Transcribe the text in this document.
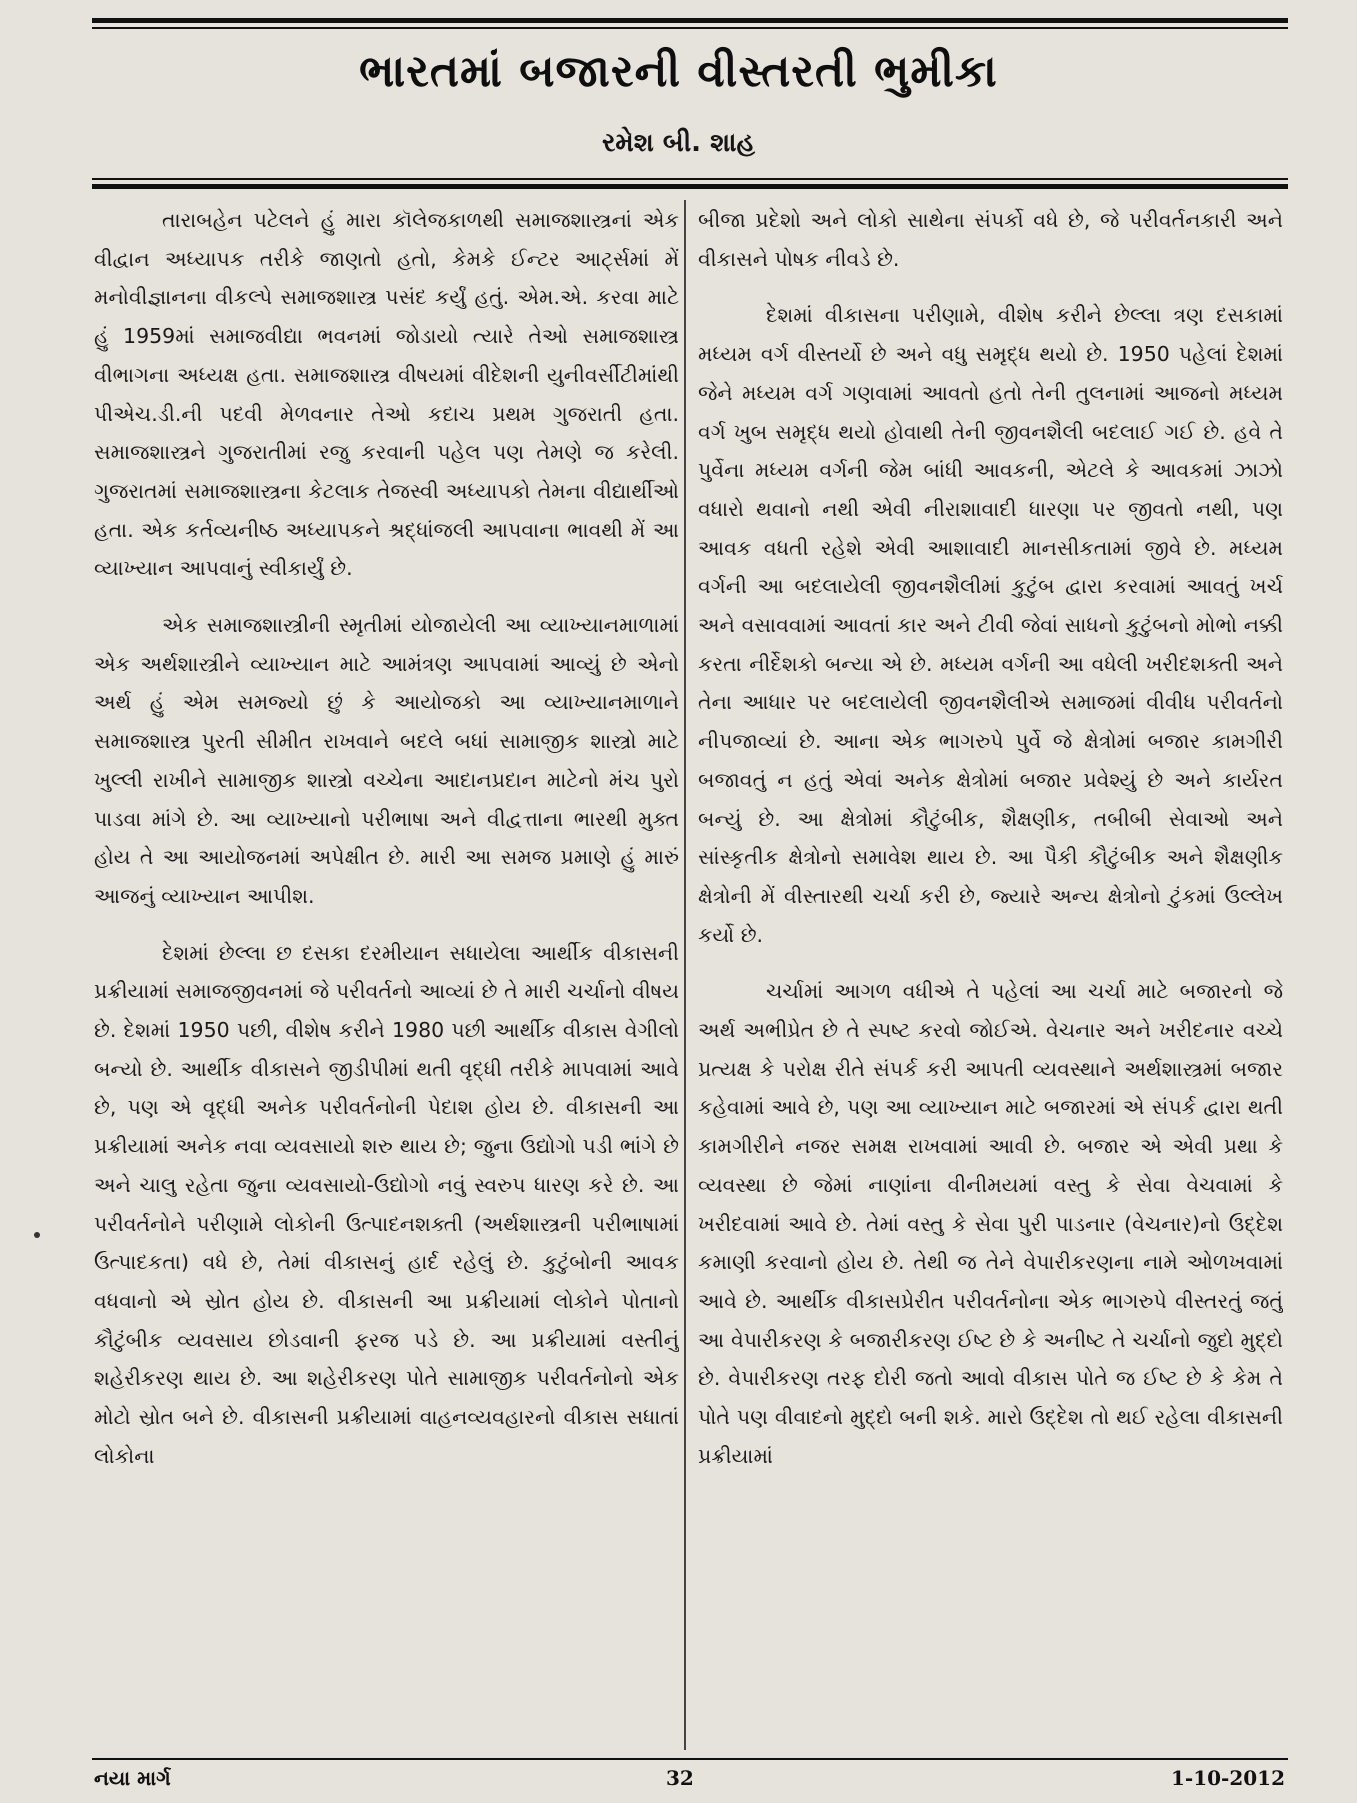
ભારતમાં બજારની વીસ્તરતી ભુમીકા
રમેશ બી. શાહ

તારાબહેન પટેલને હું મારા કૉલેજકાળથી સમાજશાસ્ત્રનાં એક વીદ્વાન અધ્યાપક તરીકે જાણતો હતો, કેમકે ઈન્ટર આર્ટ્સમાં મેં મનોવીજ્ઞાનના વીકલ્પે સમાજશાસ્ત્ર પસંદ કર્યું હતું. એમ.એ. કરવા માટે હું 1959માં સમાજવીદ્યા ભવનમાં જોડાયો ત્યારે તેઓ સમાજશાસ્ત્ર વીભાગના અધ્યક્ષ હતા. સમાજશાસ્ત્ર વીષયમાં વીદેશની યુનીવર્સીટીમાંથી પીએચ.ડી.ની પદવી મેળવનાર તેઓ કદાચ પ્રથમ ગુજરાતી હતા. સમાજશાસ્ત્રને ગુજરાતીમાં રજુ કરવાની પહેલ પણ તેમણે જ કરેલી. ગુજરાતમાં સમાજશાસ્ત્રના કેટલાક તેજસ્વી અધ્યાપકો તેમના વીદ્યાર્થીઓ હતા. એક કર્તવ્યનીષ્ઠ અધ્યાપકને શ્રદ્ધાંજલી આપવાના ભાવથી મેં આ વ્યાખ્યાન આપવાનું સ્વીકાર્યું છે.

એક સમાજશાસ્ત્રીની સ્મૃતીમાં યોજાયેલી આ વ્યાખ્યાનમાળામાં એક અર્થશાસ્ત્રીને વ્યાખ્યાન માટે આમંત્રણ આપવામાં આવ્યું છે એનો અર્થ હું એમ સમજ્યો છું કે આયોજકો આ વ્યાખ્યાનમાળાને સમાજશાસ્ત્ર પુરતી સીમીત રાખવાને બદલે બધાં સામાજીક શાસ્ત્રો માટે ખુલ્લી રાખીને સામાજીક શાસ્ત્રો વચ્ચેના આદાનપ્રદાન માટેનો મંચ પુરો પાડવા માંગે છે. આ વ્યાખ્યાનો પરીભાષા અને વીદ્વત્તાના ભારથી મુક્ત હોય તે આ આયોજનમાં અપેક્ષીત છે. મારી આ સમજ પ્રમાણે હું મારું આજનું વ્યાખ્યાન આપીશ.

દેશમાં છેલ્લા છ દસકા દરમીયાન સધાયેલા આર્થીક વીકાસની પ્રક્રીયામાં સમાજજીવનમાં જે પરીવર્તનો આવ્યાં છે તે મારી ચર્ચાનો વીષય છે. દેશમાં 1950 પછી, વીશેષ કરીને 1980 પછી આર્થીક વીકાસ વેગીલો બન્યો છે. આર્થીક વીકાસને જીડીપીમાં થતી વૃદ્ધી તરીકે માપવામાં આવે છે, પણ એ વૃદ્ધી અનેક પરીવર્તનોની પેદાશ હોય છે. વીકાસની આ પ્રક્રીયામાં અનેક નવા વ્યવસાયો શરુ થાય છે; જુના ઉદ્યોગો પડી ભાંગે છે અને ચાલુ રહેતા જુના વ્યવસાયો-ઉદ્યોગો નવું સ્વરુપ ધારણ કરે છે. આ પરીવર્તનોને પરીણામે લોકોની ઉત્પાદનશક્તી (અર્થશાસ્ત્રની પરીભાષામાં ઉત્પાદકતા) વધે છે, તેમાં વીકાસનું હાર્દ રહેલું છે. કુટુંબોની આવક વધવાનો એ સ્રોત હોય છે. વીકાસની આ પ્રક્રીયામાં લોકોને પોતાનો કૌટુંબીક વ્યવસાય છોડવાની ફરજ પડે છે. આ પ્રક્રીયામાં વસ્તીનું શહેરીકરણ થાય છે. આ શહેરીકરણ પોતે સામાજીક પરીવર્તનોનો એક મોટો સ્રોત બને છે. વીકાસની પ્રક્રીયામાં વાહનવ્યવહારનો વીકાસ સધાતાં લોકોના

બીજા પ્રદેશો અને લોકો સાથેના સંપર્કો વધે છે, જે પરીવર્તનકારી અને વીકાસને પોષક નીવડે છે.

દેશમાં વીકાસના પરીણામે, વીશેષ કરીને છેલ્લા ત્રણ દસકામાં મધ્યમ વર્ગ વીસ્તર્યો છે અને વધુ સમૃદ્ધ થયો છે. 1950 પહેલાં દેશમાં જેને મધ્યમ વર્ગ ગણવામાં આવતો હતો તેની તુલનામાં આજનો મધ્યમ વર્ગ ખુબ સમૃદ્ધ થયો હોવાથી તેની જીવનશૈલી બદલાઈ ગઈ છે. હવે તે પુર્વેના મધ્યમ વર્ગની જેમ બાંધી આવકની, એટલે કે આવકમાં ઝાઝો વધારો થવાનો નથી એવી નીરાશાવાદી ધારણા પર જીવતો નથી, પણ આવક વધતી રહેશે એવી આશાવાદી માનસીકતામાં જીવે છે. મધ્યમ વર્ગની આ બદલાયેલી જીવનશૈલીમાં કુટુંબ દ્વારા કરવામાં આવતું ખર્ચ અને વસાવવામાં આવતાં કાર અને ટીવી જેવાં સાધનો કુટુંબનો મોભો નક્કી કરતા નીર્દેશકો બન્યા એ છે. મધ્યમ વર્ગની આ વધેલી ખરીદશક્તી અને તેના આધાર પર બદલાયેલી જીવનશૈલીએ સમાજમાં વીવીધ પરીવર્તનો નીપજાવ્યાં છે. આના એક ભાગરુપે પુર્વે જે ક્ષેત્રોમાં બજાર કામગીરી બજાવતું ન હતું એવાં અનેક ક્ષેત્રોમાં બજાર પ્રવેશ્યું છે અને કાર્યરત બન્યું છે. આ ક્ષેત્રોમાં કૌટુંબીક, શૈક્ષણીક, તબીબી સેવાઓ અને સાંસ્કૃતીક ક્ષેત્રોનો સમાવેશ થાય છે. આ પૈકી કૌટુંબીક અને શૈક્ષણીક ક્ષેત્રોની મેં વીસ્તારથી ચર્ચા કરી છે, જ્યારે અન્ય ક્ષેત્રોનો ટુંકમાં ઉલ્લેખ કર્યો છે.

ચર્ચામાં આગળ વધીએ તે પહેલાં આ ચર્ચા માટે બજારનો જે અર્થ અભીપ્રેત છે તે સ્પષ્ટ કરવો જોઈએ. વેચનાર અને ખરીદનાર વચ્ચે પ્રત્યક્ષ કે પરોક્ષ રીતે સંપર્ક કરી આપતી વ્યવસ્થાને અર્થશાસ્ત્રમાં બજાર કહેવામાં આવે છે, પણ આ વ્યાખ્યાન માટે બજારમાં એ સંપર્ક દ્વારા થતી કામગીરીને નજર સમક્ષ રાખવામાં આવી છે. બજાર એ એવી પ્રથા કે વ્યવસ્થા છે જેમાં નાણાંના વીનીમયમાં વસ્તુ કે સેવા વેચવામાં કે ખરીદવામાં આવે છે. તેમાં વસ્તુ કે સેવા પુરી પાડનાર (વેચનાર)નો ઉદ્દેશ કમાણી કરવાનો હોય છે. તેથી જ તેને વેપારીકરણના નામે ઓળખવામાં આવે છે. આર્થીક વીકાસપ્રેરીત પરીવર્તનોના એક ભાગરુપે વીસ્તરતું જતું આ વેપારીકરણ કે બજારીકરણ ઈષ્ટ છે કે અનીષ્ટ તે ચર્ચાનો જુદો મુદ્દો છે. વેપારીકરણ તરફ દોરી જતો આવો વીકાસ પોતે જ ઈષ્ટ છે કે કેમ તે પોતે પણ વીવાદનો મુદ્દો બની શકે. મારો ઉદ્દેશ તો થઈ રહેલા વીકાસની પ્રક્રીયામાં

નયા માર્ગ	32	1-10-2012
